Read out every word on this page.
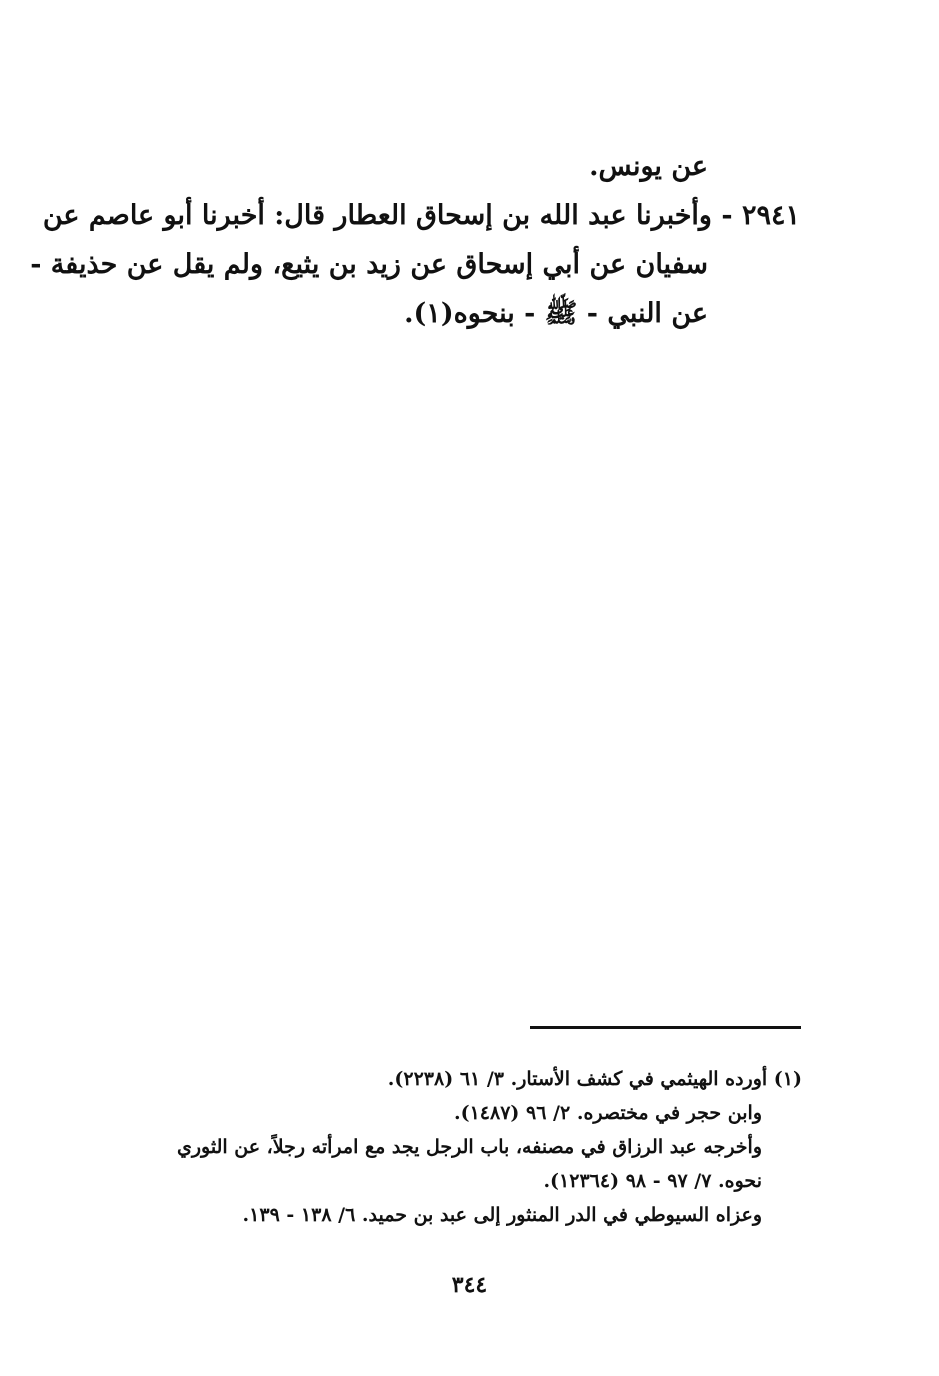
عن يونس.
٢٩٤١ - وأخبرنا عبد الله بن إسحاق العطار قال: أخبرنا أبو عاصم عن
سفيان عن أبي إسحاق عن زيد بن يثيع، ولم يقل عن حذيفة -
عن النبي - ﷺ - بنحوه(١).
(١) أورده الهيثمي في كشف الأستار. ٣/ ٦١ (٢٢٣٨).
وابن حجر في مختصره. ٢/ ٩٦ (١٤٨٧).
وأخرجه عبد الرزاق في مصنفه، باب الرجل يجد مع امرأته رجلاً، عن الثوري
نحوه. ٧/ ٩٧ - ٩٨ (١٢٣٦٤).
وعزاه السيوطي في الدر المنثور إلى عبد بن حميد. ٦/ ١٣٨ - ١٣٩.
٣٤٤
